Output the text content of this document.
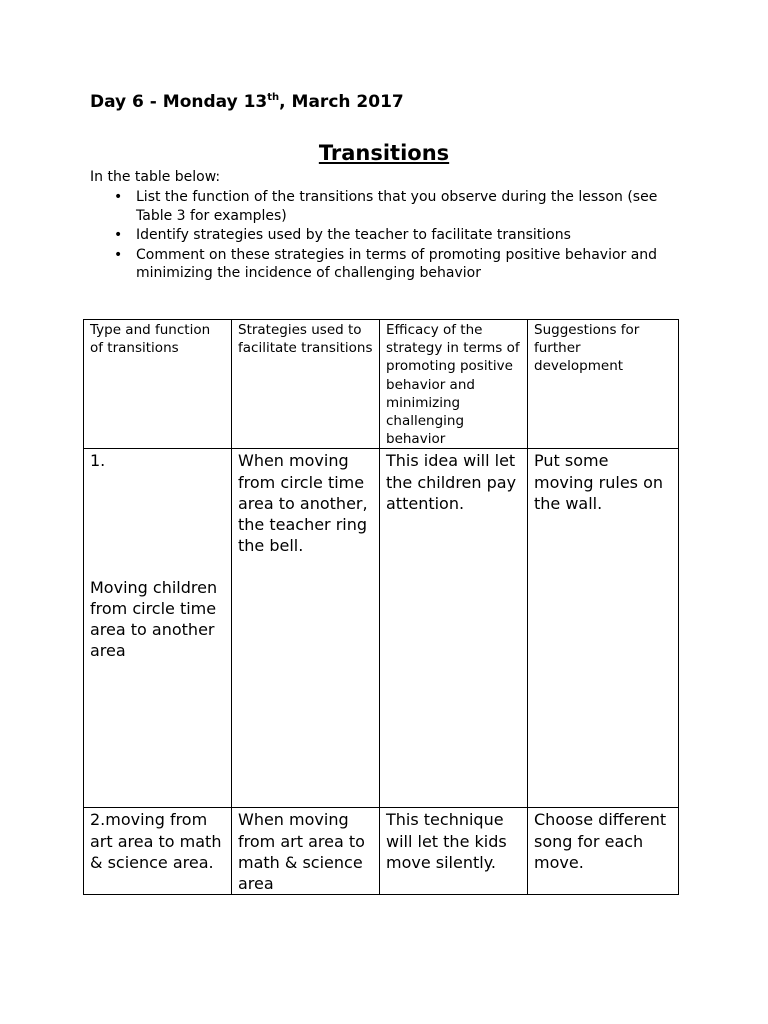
Day 6 - Monday 13th, March 2017
Transitions
In the table below:
• List the function of the transitions that you observe during the lesson (see Table 3 for examples)
• Identify strategies used by the teacher to facilitate transitions
• Comment on these strategies in terms of promoting positive behavior and minimizing the incidence of challenging behavior
Type and function of transitions	Strategies used to facilitate transitions	Efficacy of the strategy in terms of promoting positive behavior and minimizing challenging behavior	Suggestions for further development

1.
Moving children from circle time area to another area	When moving from circle time area to another, the teacher ring the bell.	This idea will let the children pay attention.	Put some moving rules on the wall.
2.moving from art area to math & science area.	When moving from art area to math & science area	This technique will let the kids move silently.	Choose different song for each move.
